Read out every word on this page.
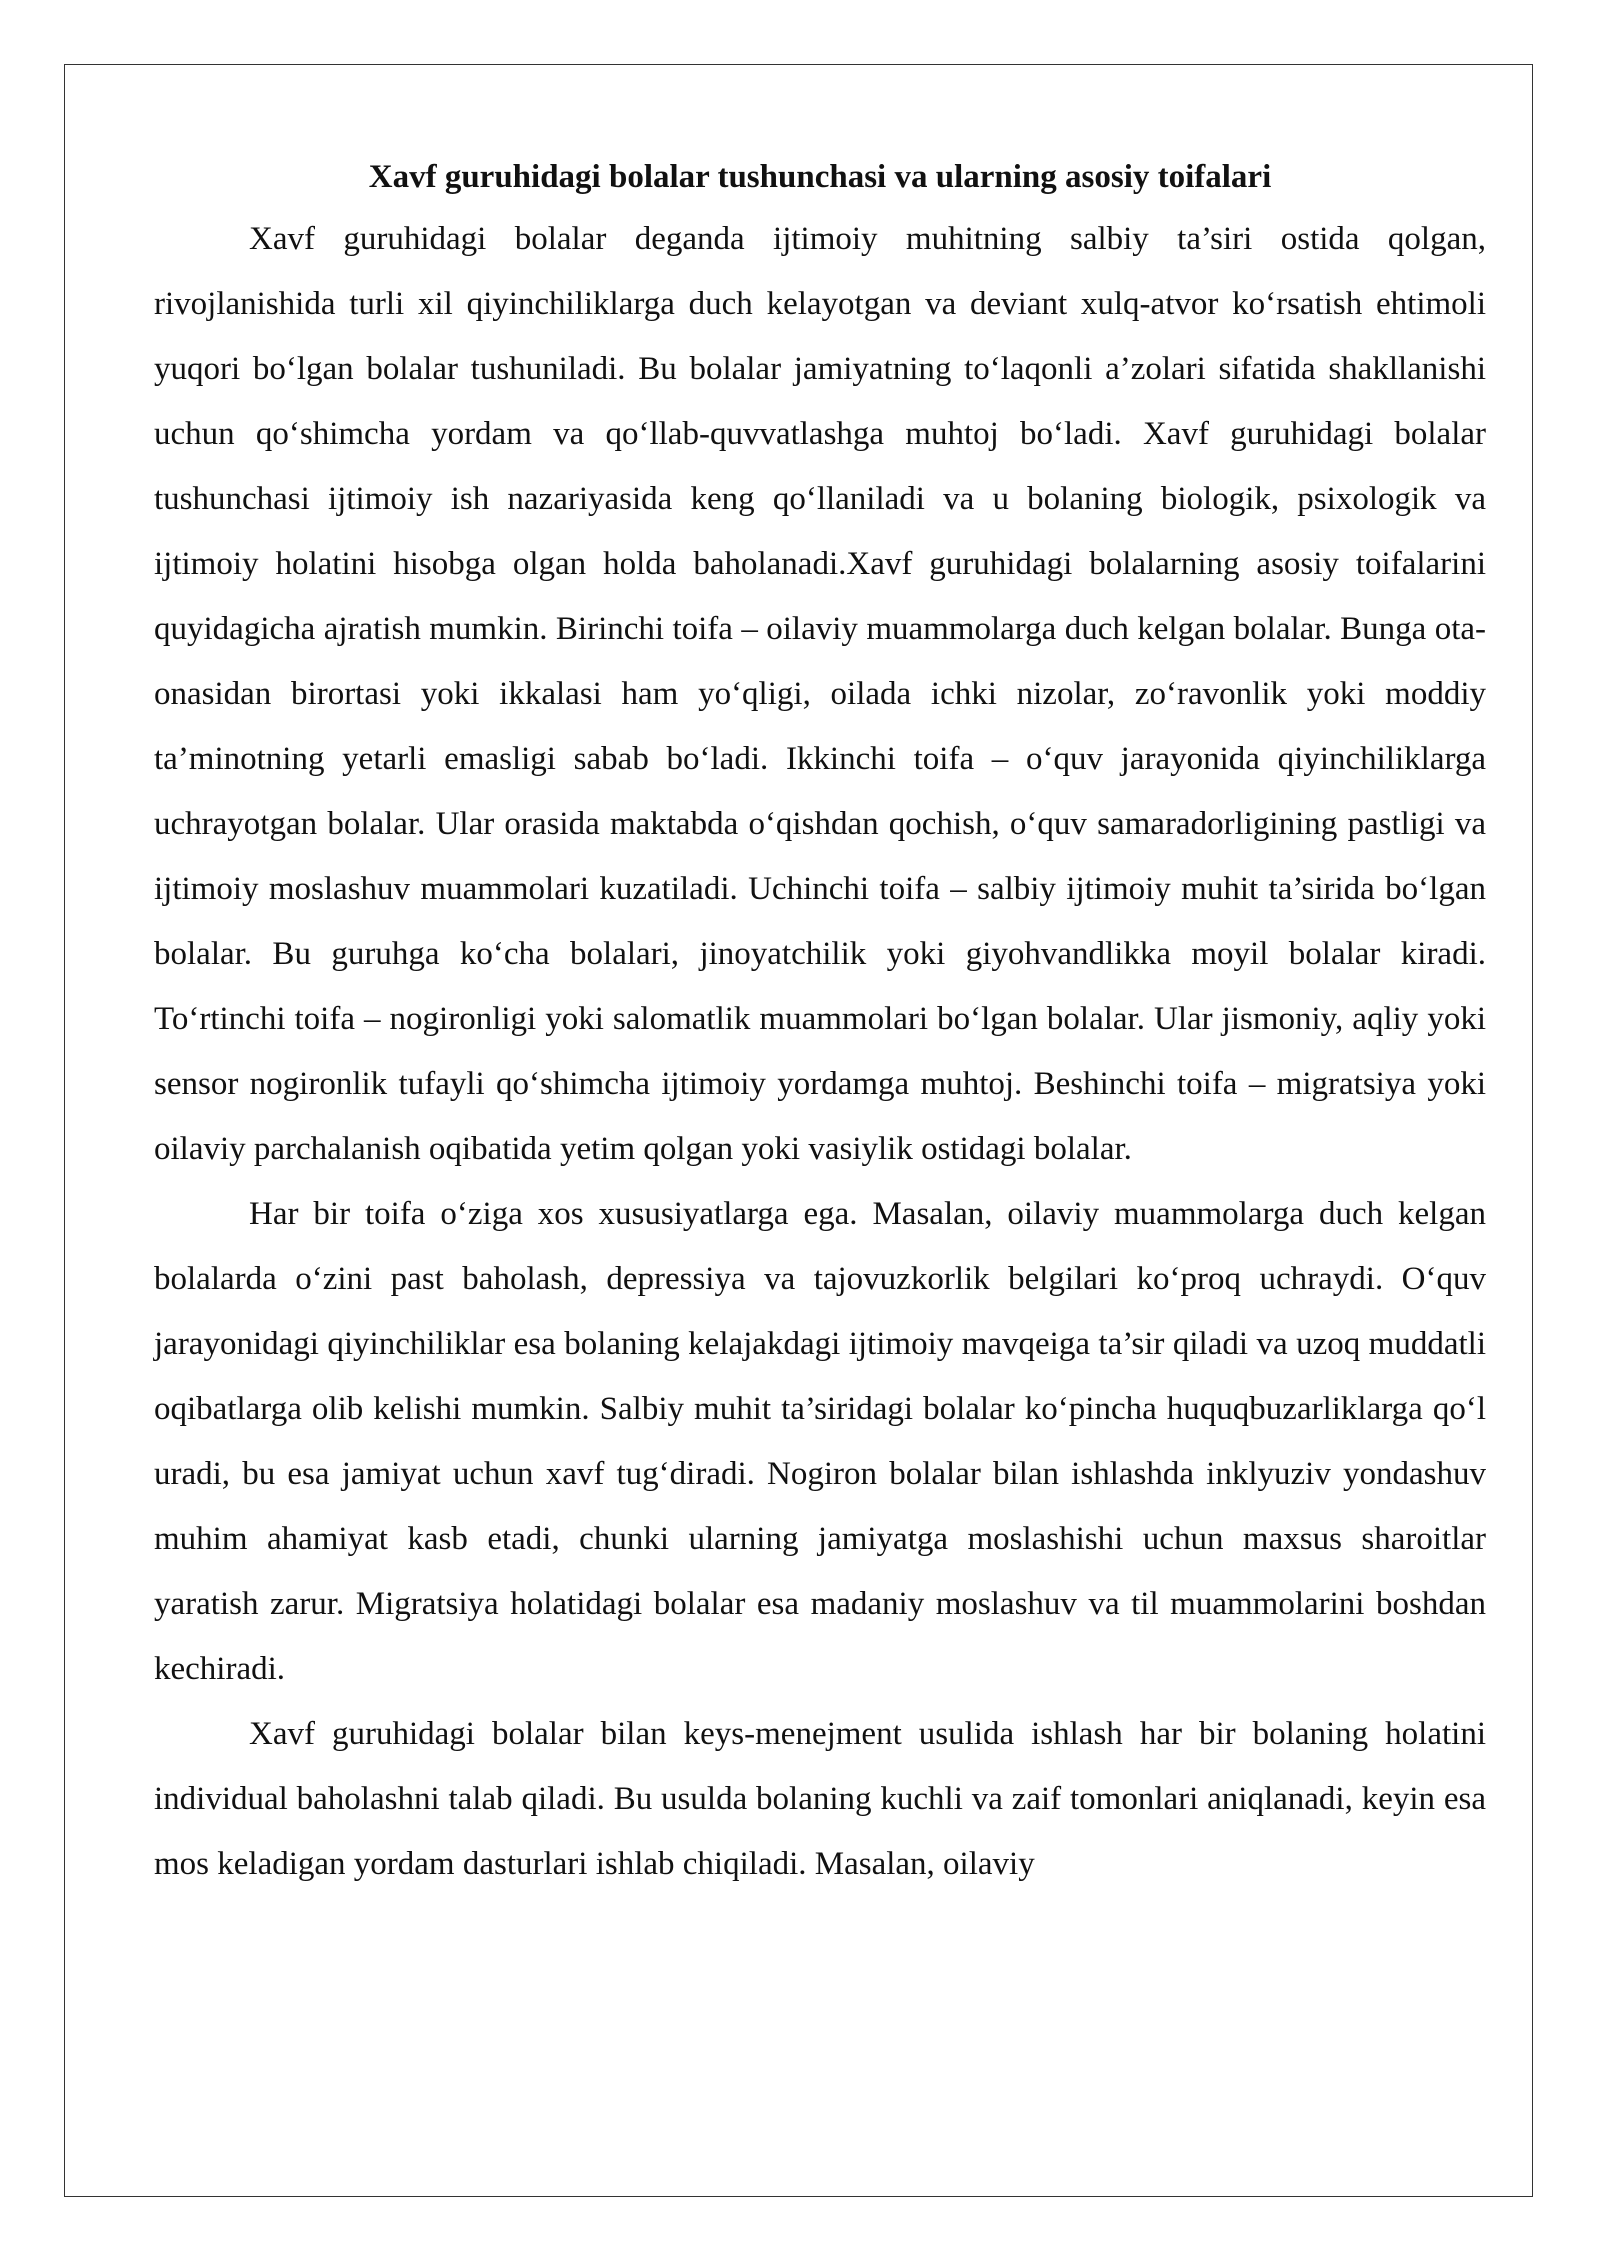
Xavf guruhidagi bolalar tushunchasi va ularning asosiy toifalari

Xavf guruhidagi bolalar deganda ijtimoiy muhitning salbiy ta’siri ostida qolgan, rivojlanishida turli xil qiyinchiliklarga duch kelayotgan va deviant xulq-atvor ko‘rsatish ehtimoli yuqori bo‘lgan bolalar tushuniladi. Bu bolalar jamiyatning to‘laqonli a’zolari sifatida shakllanishi uchun qo‘shimcha yordam va qo‘llab-quvvatlashga muhtoj bo‘ladi. Xavf guruhidagi bolalar tushunchasi ijtimoiy ish nazariyasida keng qo‘llaniladi va u bolaning biologik, psixologik va ijtimoiy holatini hisobga olgan holda baholanadi.Xavf guruhidagi bolalarning asosiy toifalarini quyidagicha ajratish mumkin. Birinchi toifa – oilaviy muammolarga duch kelgan bolalar. Bunga ota-onasidan birortasi yoki ikkalasi ham yo‘qligi, oilada ichki nizolar, zo‘ravonlik yoki moddiy ta’minotning yetarli emasligi sabab bo‘ladi. Ikkinchi toifa – o‘quv jarayonida qiyinchiliklarga uchrayotgan bolalar. Ular orasida maktabda o‘qishdan qochish, o‘quv samaradorligining pastligi va ijtimoiy moslashuv muammolari kuzatiladi. Uchinchi toifa – salbiy ijtimoiy muhit ta’sirida bo‘lgan bolalar. Bu guruhga ko‘cha bolalari, jinoyatchilik yoki giyohvandlikka moyil bolalar kiradi. To‘rtinchi toifa – nogironligi yoki salomatlik muammolari bo‘lgan bolalar. Ular jismoniy, aqliy yoki sensor nogironlik tufayli qo‘shimcha ijtimoiy yordamga muhtoj. Beshinchi toifa – migratsiya yoki oilaviy parchalanish oqibatida yetim qolgan yoki vasiylik ostidagi bolalar.

Har bir toifa o‘ziga xos xususiyatlarga ega. Masalan, oilaviy muammolarga duch kelgan bolalarda o‘zini past baholash, depressiya va tajovuzkorlik belgilari ko‘proq uchraydi. O‘quv jarayonidagi qiyinchiliklar esa bolaning kelajakdagi ijtimoiy mavqeiga ta’sir qiladi va uzoq muddatli oqibatlarga olib kelishi mumkin. Salbiy muhit ta’siridagi bolalar ko‘pincha huquqbuzarliklarga qo‘l uradi, bu esa jamiyat uchun xavf tug‘diradi. Nogiron bolalar bilan ishlashda inklyuziv yondashuv muhim ahamiyat kasb etadi, chunki ularning jamiyatga moslashishi uchun maxsus sharoitlar yaratish zarur. Migratsiya holatidagi bolalar esa madaniy moslashuv va til muammolarini boshdan kechiradi.

Xavf guruhidagi bolalar bilan keys-menejment usulida ishlash har bir bolaning holatini individual baholashni talab qiladi. Bu usulda bolaning kuchli va zaif tomonlari aniqlanadi, keyin esa mos keladigan yordam dasturlari ishlab chiqiladi. Masalan, oilaviy
